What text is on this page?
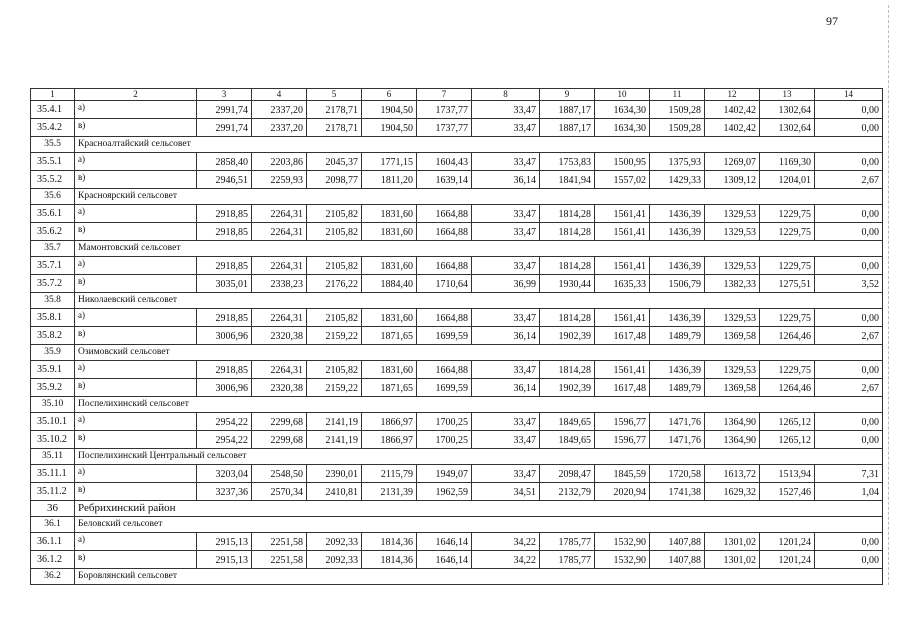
97
1	2	3	4	5	6	7	8	9	10	11	12	13	14
35.4.1	а)	2991,74	2337,20	2178,71	1904,50	1737,77	33,47	1887,17	1634,30	1509,28	1402,42	1302,64	0,00
35.4.2	в)	2991,74	2337,20	2178,71	1904,50	1737,77	33,47	1887,17	1634,30	1509,28	1402,42	1302,64	0,00
35.5	Красноалтайский сельсовет												
35.5.1	а)	2858,40	2203,86	2045,37	1771,15	1604,43	33,47	1753,83	1500,95	1375,93	1269,07	1169,30	0,00
35.5.2	в)	2946,51	2259,93	2098,77	1811,20	1639,14	36,14	1841,94	1557,02	1429,33	1309,12	1204,01	2,67
35.6	Красноярский сельсовет												
35.6.1	а)	2918,85	2264,31	2105,82	1831,60	1664,88	33,47	1814,28	1561,41	1436,39	1329,53	1229,75	0,00
35.6.2	в)	2918,85	2264,31	2105,82	1831,60	1664,88	33,47	1814,28	1561,41	1436,39	1329,53	1229,75	0,00
35.7	Мамонтовский сельсовет												
35.7.1	а)	2918,85	2264,31	2105,82	1831,60	1664,88	33,47	1814,28	1561,41	1436,39	1329,53	1229,75	0,00
35.7.2	в)	3035,01	2338,23	2176,22	1884,40	1710,64	36,99	1930,44	1635,33	1506,79	1382,33	1275,51	3,52
35.8	Николаевский сельсовет												
35.8.1	а)	2918,85	2264,31	2105,82	1831,60	1664,88	33,47	1814,28	1561,41	1436,39	1329,53	1229,75	0,00
35.8.2	в)	3006,96	2320,38	2159,22	1871,65	1699,59	36,14	1902,39	1617,48	1489,79	1369,58	1264,46	2,67
35.9	Озимовский сельсовет												
35.9.1	а)	2918,85	2264,31	2105,82	1831,60	1664,88	33,47	1814,28	1561,41	1436,39	1329,53	1229,75	0,00
35.9.2	в)	3006,96	2320,38	2159,22	1871,65	1699,59	36,14	1902,39	1617,48	1489,79	1369,58	1264,46	2,67
35.10	Поспелихинский сельсовет												
35.10.1	а)	2954,22	2299,68	2141,19	1866,97	1700,25	33,47	1849,65	1596,77	1471,76	1364,90	1265,12	0,00
35.10.2	в)	2954,22	2299,68	2141,19	1866,97	1700,25	33,47	1849,65	1596,77	1471,76	1364,90	1265,12	0,00
35.11	Поспелихинский Центральный сельсовет												
35.11.1	а)	3203,04	2548,50	2390,01	2115,79	1949,07	33,47	2098,47	1845,59	1720,58	1613,72	1513,94	7,31
35.11.2	в)	3237,36	2570,34	2410,81	2131,39	1962,59	34,51	2132,79	2020,94	1741,38	1629,32	1527,46	1,04
36	Ребрихинский район												
36.1	Беловский сельсовет												
36.1.1	а)	2915,13	2251,58	2092,33	1814,36	1646,14	34,22	1785,77	1532,90	1407,88	1301,02	1201,24	0,00
36.1.2	в)	2915,13	2251,58	2092,33	1814,36	1646,14	34,22	1785,77	1532,90	1407,88	1301,02	1201,24	0,00
36.2	Боровлянский сельсовет												
